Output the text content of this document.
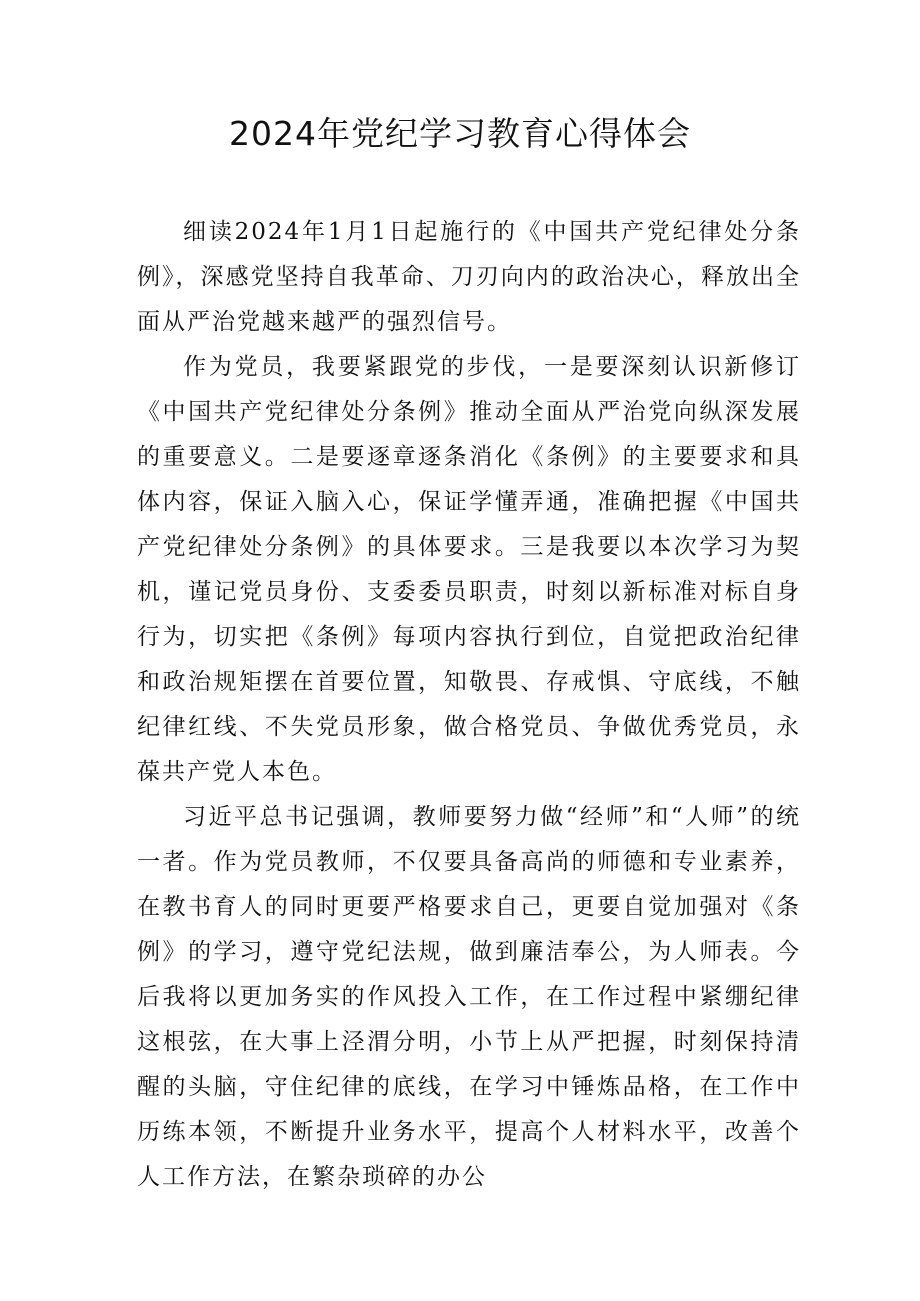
2024年党纪学习教育心得体会

细读2024年1月1日起施行的《中国共产党纪律处分条例》，深感党坚持自我革命、刀刃向内的政治决心，释放出全面从严治党越来越严的强烈信号。

作为党员，我要紧跟党的步伐，一是要深刻认识新修订《中国共产党纪律处分条例》推动全面从严治党向纵深发展的重要意义。二是要逐章逐条消化《条例》的主要要求和具体内容，保证入脑入心，保证学懂弄通，准确把握《中国共产党纪律处分条例》的具体要求。三是我要以本次学习为契机，谨记党员身份、支委委员职责，时刻以新标准对标自身行为，切实把《条例》每项内容执行到位，自觉把政治纪律和政治规矩摆在首要位置，知敬畏、存戒惧、守底线，不触纪律红线、不失党员形象，做合格党员、争做优秀党员，永葆共产党人本色。

习近平总书记强调，教师要努力做“经师”和“人师”的统一者。作为党员教师，不仅要具备高尚的师德和专业素养，在教书育人的同时更要严格要求自己，更要自觉加强对《条例》的学习，遵守党纪法规，做到廉洁奉公，为人师表。今后我将以更加务实的作风投入工作，在工作过程中紧绷纪律这根弦，在大事上泾渭分明，小节上从严把握，时刻保持清醒的头脑，守住纪律的底线，在学习中锤炼品格，在工作中历练本领，不断提升业务水平，提高个人材料水平，改善个人工作方法，在繁杂琐碎的办公
